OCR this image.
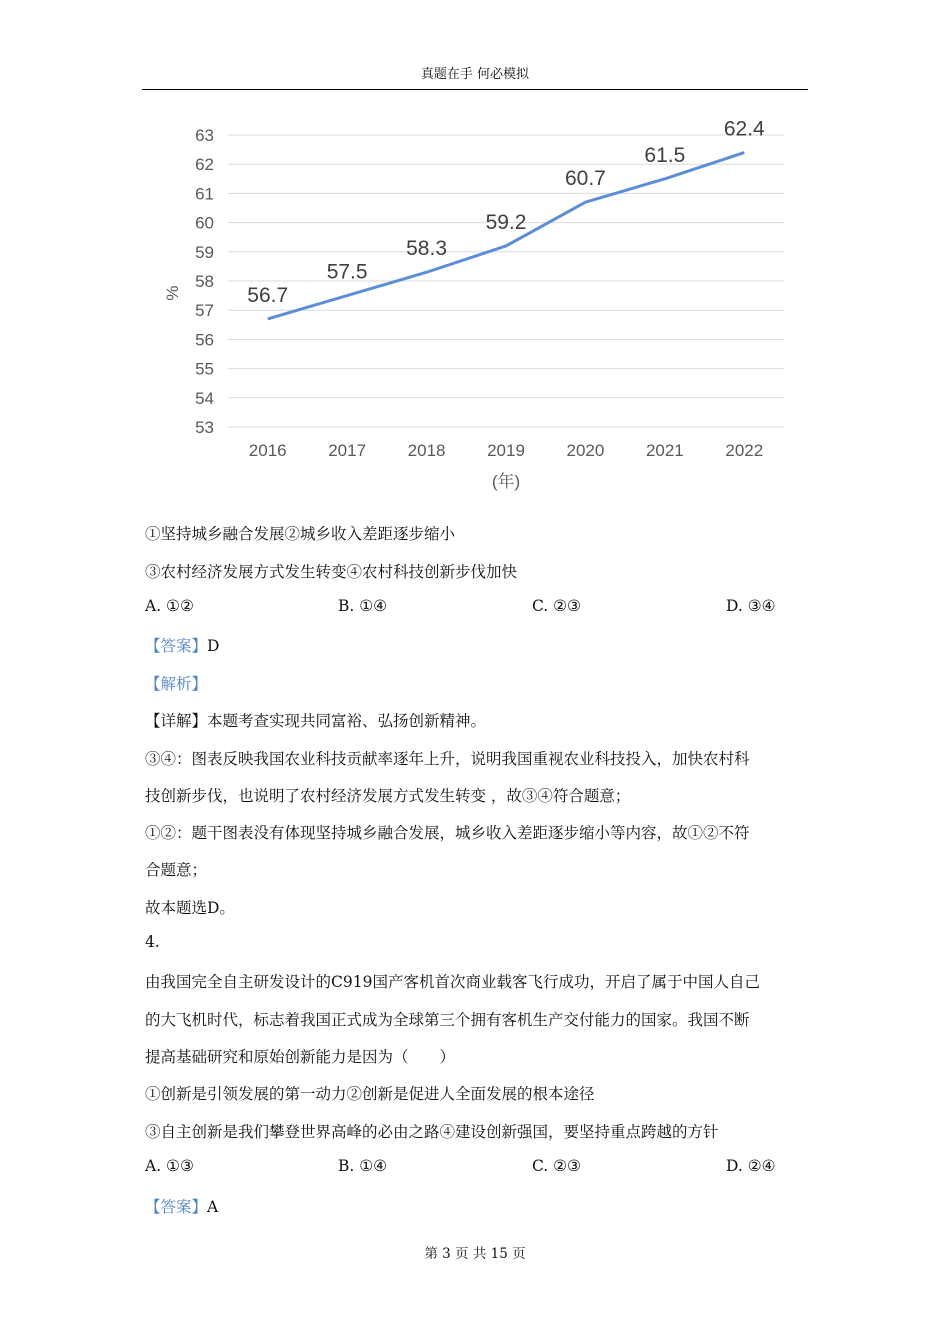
真题在手 何必模拟
53
54
55
56
57
58
59
60
61
62
63
2016 2017 2018 2019 2020 2021 2022
56.7
57.5
58.3
59.2
60.7
61.5
62.4
%
(年)
①坚持城乡融合发展②城乡收入差距逐步缩小
③农村经济发展方式发生转变④农村科技创新步伐加快
A. ①②	B. ①④	C. ②③	D. ③④
【答案】D
【解析】
【详解】本题考查实现共同富裕、弘扬创新精神。
③④：图表反映我国农业科技贡献率逐年上升，说明我国重视农业科技投入，加快农村科
技创新步伐，也说明了农村经济发展方式发生转变 ，故③④符合题意；
①②：题干图表没有体现坚持城乡融合发展，城乡收入差距逐步缩小等内容，故①②不符
合题意；
故本题选D。
4.
由我国完全自主研发设计的C919国产客机首次商业载客飞行成功，开启了属于中国人自己
的大飞机时代，标志着我国正式成为全球第三个拥有客机生产交付能力的国家。我国不断
提高基础研究和原始创新能力是因为（　　）
①创新是引领发展的第一动力②创新是促进人全面发展的根本途径
③自主创新是我们攀登世界高峰的必由之路④建设创新强国，要坚持重点跨越的方针
A. ①③	B. ①④	C. ②③	D. ②④
【答案】A
第 3 页 共 15 页
